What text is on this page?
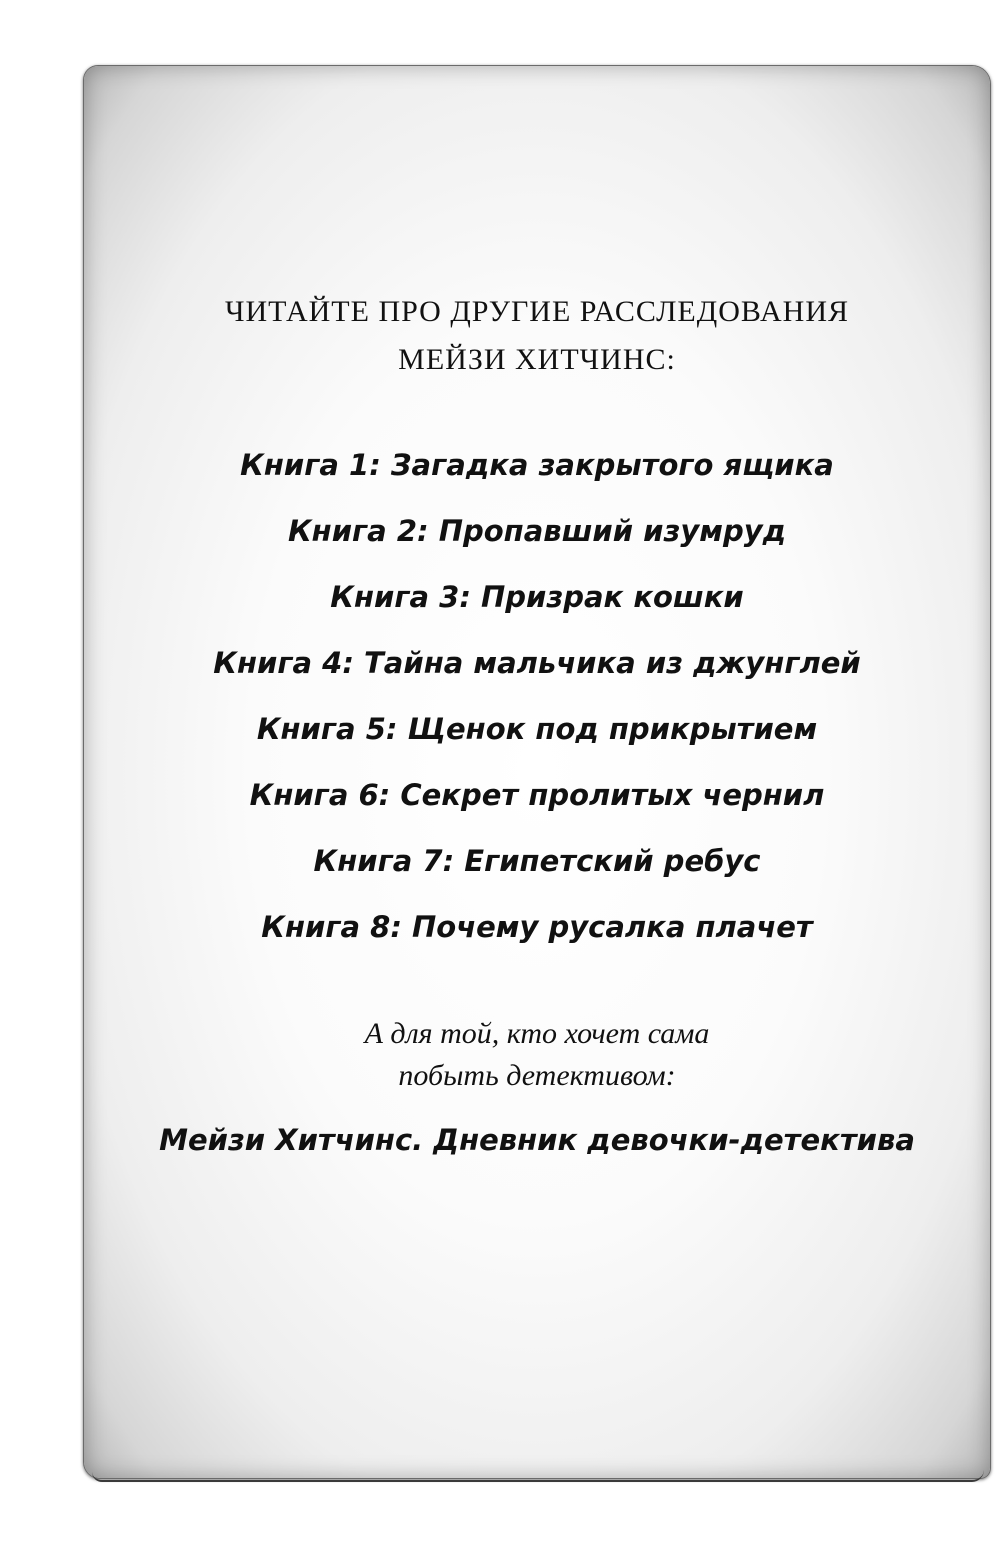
ЧИТАЙТЕ ПРО ДРУГИЕ РАССЛЕДОВАНИЯ
МЕЙЗИ ХИТЧИНС:
Книга 1: Загадка закрытого ящика
Книга 2: Пропавший изумруд
Книга 3: Призрак кошки
Книга 4: Тайна мальчика из джунглей
Книга 5: Щенок под прикрытием
Книга 6: Секрет пролитых чернил
Книга 7: Египетский ребус
Книга 8: Почему русалка плачет
А для той, кто хочет сама
побыть детективом:
Мейзи Хитчинс. Дневник девочки-детектива
